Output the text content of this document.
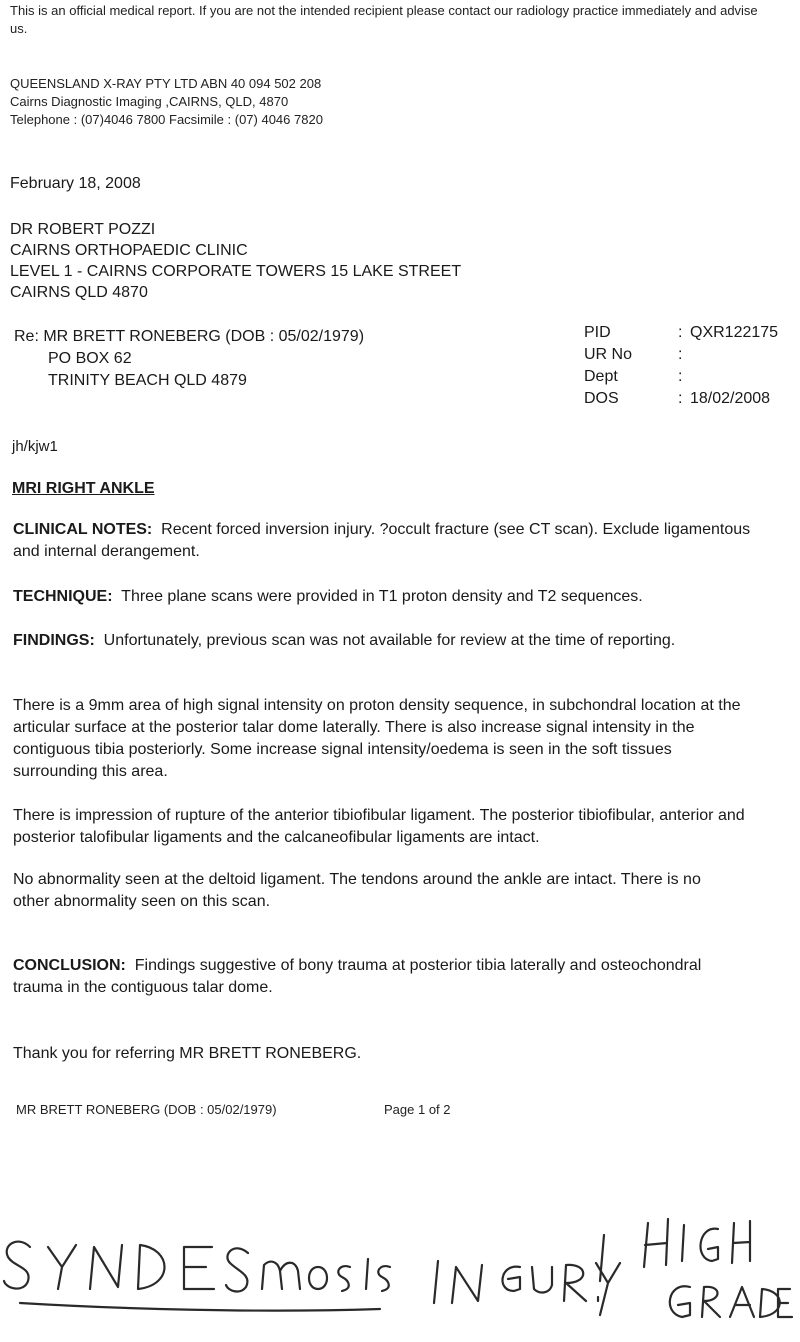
This is an official medical report. If you are not the intended recipient please contact our radiology practice immediately and advise us.
QUEENSLAND X-RAY PTY LTD ABN 40 094 502 208
Cairns Diagnostic Imaging ,CAIRNS, QLD, 4870
Telephone : (07)4046 7800 Facsimile : (07) 4046 7820
February 18, 2008
DR ROBERT POZZI
CAIRNS ORTHOPAEDIC CLINIC
LEVEL 1 - CAIRNS CORPORATE TOWERS 15 LAKE STREET
CAIRNS QLD 4870
Re: MR BRETT RONEBERG (DOB : 05/02/1979)
PO BOX 62
TRINITY BEACH QLD 4879
PID	:	QXR122175
UR No	:	
Dept	:	
DOS	:	18/02/2008
jh/kjw1
MRI RIGHT ANKLE
CLINICAL NOTES: Recent forced inversion injury. ?occult fracture (see CT scan). Exclude ligamentous and internal derangement.
TECHNIQUE: Three plane scans were provided in T1 proton density and T2 sequences.
FINDINGS: Unfortunately, previous scan was not available for review at the time of reporting.
There is a 9mm area of high signal intensity on proton density sequence, in subchondral location at the articular surface at the posterior talar dome laterally. There is also increase signal intensity in the contiguous tibia posteriorly. Some increase signal intensity/oedema is seen in the soft tissues surrounding this area.
There is impression of rupture of the anterior tibiofibular ligament. The posterior tibiofibular, anterior and posterior talofibular ligaments and the calcaneofibular ligaments are intact.
No abnormality seen at the deltoid ligament. The tendons around the ankle are intact. There is no other abnormality seen on this scan.
CONCLUSION: Findings suggestive of bony trauma at posterior tibia laterally and osteochondral trauma in the contiguous talar dome.
Thank you for referring MR BRETT RONEBERG.
MR BRETT RONEBERG (DOB : 05/02/1979)	Page 1 of 2
